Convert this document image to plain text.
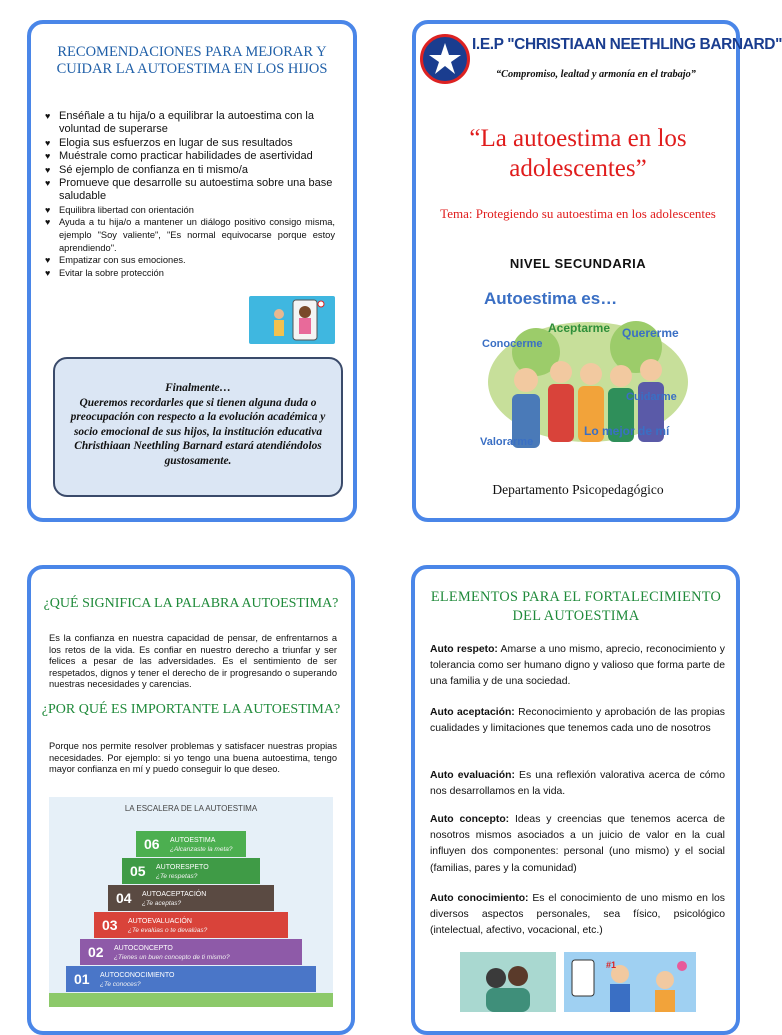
RECOMENDACIONES PARA MEJORAR Y CUIDAR LA AUTOESTIMA EN LOS HIJOS
♥ Enséñale a tu hija/o a equilibrar la autoestima con la voluntad de superarse
♥ Elogia sus esfuerzos en lugar de sus resultados
♥ Muéstrale como practicar habilidades de asertividad
♥ Sé ejemplo de confianza en ti mismo/a
♥ Promueve que desarrolle su autoestima sobre una base saludable
♥ Equilibra libertad con orientación
♥ Ayuda a tu hija/o a mantener un diálogo positivo consigo misma, ejemplo "Soy valiente", "Es normal equivocarse porque estoy aprendiendo".
♥ Empatizar con sus emociones.
♥ Evitar la sobre protección
Finalmente…
Queremos recordarles que si tienen alguna duda o preocupación con respecto a la evolución académica y socio emocional de sus hijos, la institución educativa Christhiaan Neethling Barnard estará atendiéndolos gustosamente.
I.E.P "CHRISTIAAN NEETHLING BARNARD"
“Compromiso, lealtad y armonía en el trabajo”
“La autoestima en los adolescentes”
Tema: Protegiendo su autoestima en los adolescentes
NIVEL SECUNDARIA
Autoestima es…
Conocerme
Aceptarme Quererme
Cuidarme
Valorarme
Lo mejor de mí
Departamento Psicopedagógico
¿QUÉ SIGNIFICA LA PALABRA AUTOESTIMA?
Es la confianza en nuestra capacidad de pensar, de enfrentarnos a los retos de la vida. Es confiar en nuestro derecho a triunfar y ser felices a pesar de las adversidades. Es el sentimiento de ser respetados, dignos y tener el derecho de ir progresando o superando nuestras necesidades y carencias.
¿POR QUÉ ES IMPORTANTE LA AUTOESTIMA?
Porque nos permite resolver problemas y satisfacer nuestras propias necesidades. Por ejemplo: si yo tengo una buena autoestima, tengo mayor confianza en mí y puedo conseguir lo que deseo.
LA ESCALERA DE LA AUTOESTIMA
06 AUTOESTIMA
¿Alcanzaste la meta?
05 AUTORESPETO
¿Te respetas?
04 AUTOACEPTACIÓN
¿Te aceptas?
03 AUTOEVALUACIÓN
¿Te evalúas o te devalúas?
02 AUTOCONCEPTO
¿Tienes un buen concepto de ti mismo?
01 AUTOCONOCIMIENTO
¿Te conoces?
ELEMENTOS PARA EL FORTALECIMIENTO DEL AUTOESTIMA
Auto respeto: Amarse a uno mismo, aprecio, reconocimiento y tolerancia como ser humano digno y valioso que forma parte de una familia y de una sociedad.
Auto aceptación: Reconocimiento y aprobación de las propias cualidades y limitaciones que tenemos cada uno de nosotros
Auto evaluación: Es una reflexión valorativa acerca de cómo nos desarrollamos en la vida.
Auto concepto: Ideas y creencias que tenemos acerca de nosotros mismos asociados a un juicio de valor en la cual influyen dos componentes: personal (uno mismo) y el social (familias, pares y la comunidad)
Auto conocimiento: Es el conocimiento de uno mismo en los diversos aspectos personales, sea físico, psicológico (intelectual, afectivo, vocacional, etc.)
#1
